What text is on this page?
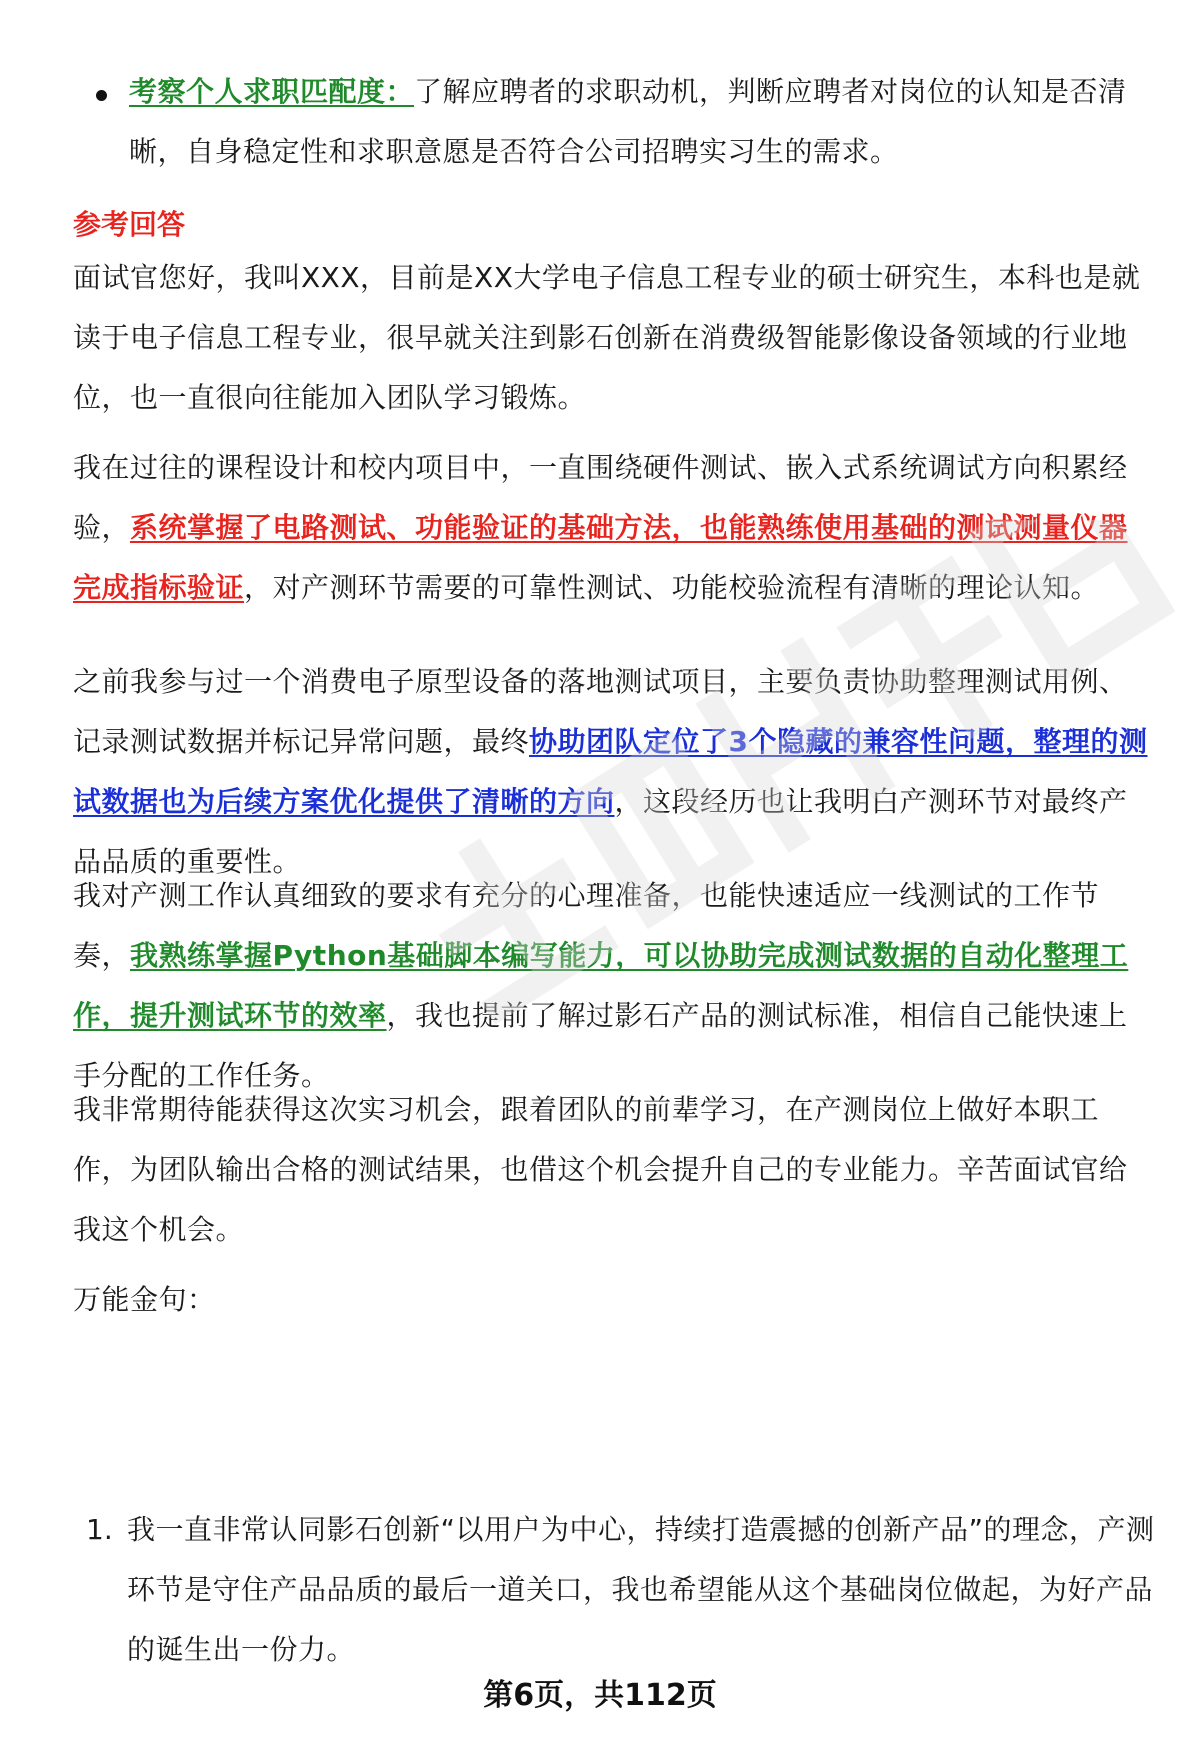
考察个人求职匹配度：了解应聘者的求职动机，判断应聘者对岗位的认知是否清晰，自身稳定性和求职意愿是否符合公司招聘实习生的需求。

参考回答

面试官您好，我叫XXX，目前是XX大学电子信息工程专业的硕士研究生，本科也是就读于电子信息工程专业，很早就关注到影石创新在消费级智能影像设备领域的行业地位，也一直很向往能加入团队学习锻炼。

我在过往的课程设计和校内项目中，一直围绕硬件测试、嵌入式系统调试方向积累经验，系统掌握了电路测试、功能验证的基础方法，也能熟练使用基础的测试测量仪器完成指标验证，对产测环节需要的可靠性测试、功能校验流程有清晰的理论认知。

之前我参与过一个消费电子原型设备的落地测试项目，主要负责协助整理测试用例、记录测试数据并标记异常问题，最终协助团队定位了3个隐藏的兼容性问题，整理的测试数据也为后续方案优化提供了清晰的方向，这段经历也让我明白产测环节对最终产品品质的重要性。

我对产测工作认真细致的要求有充分的心理准备，也能快速适应一线测试的工作节奏，我熟练掌握Python基础脚本编写能力，可以协助完成测试数据的自动化整理工作，提升测试环节的效率，我也提前了解过影石产品的测试标准，相信自己能快速上手分配的工作任务。

我非常期待能获得这次实习机会，跟着团队的前辈学习，在产测岗位上做好本职工作，为团队输出合格的测试结果，也借这个机会提升自己的专业能力。辛苦面试官给我这个机会。

万能金句：

1. 我一直非常认同影石创新“以用户为中心，持续打造震撼的创新产品”的理念，产测环节是守住产品品质的最后一道关口，我也希望能从这个基础岗位做起，为好产品的诞生出一份力。

第6页，共112页
